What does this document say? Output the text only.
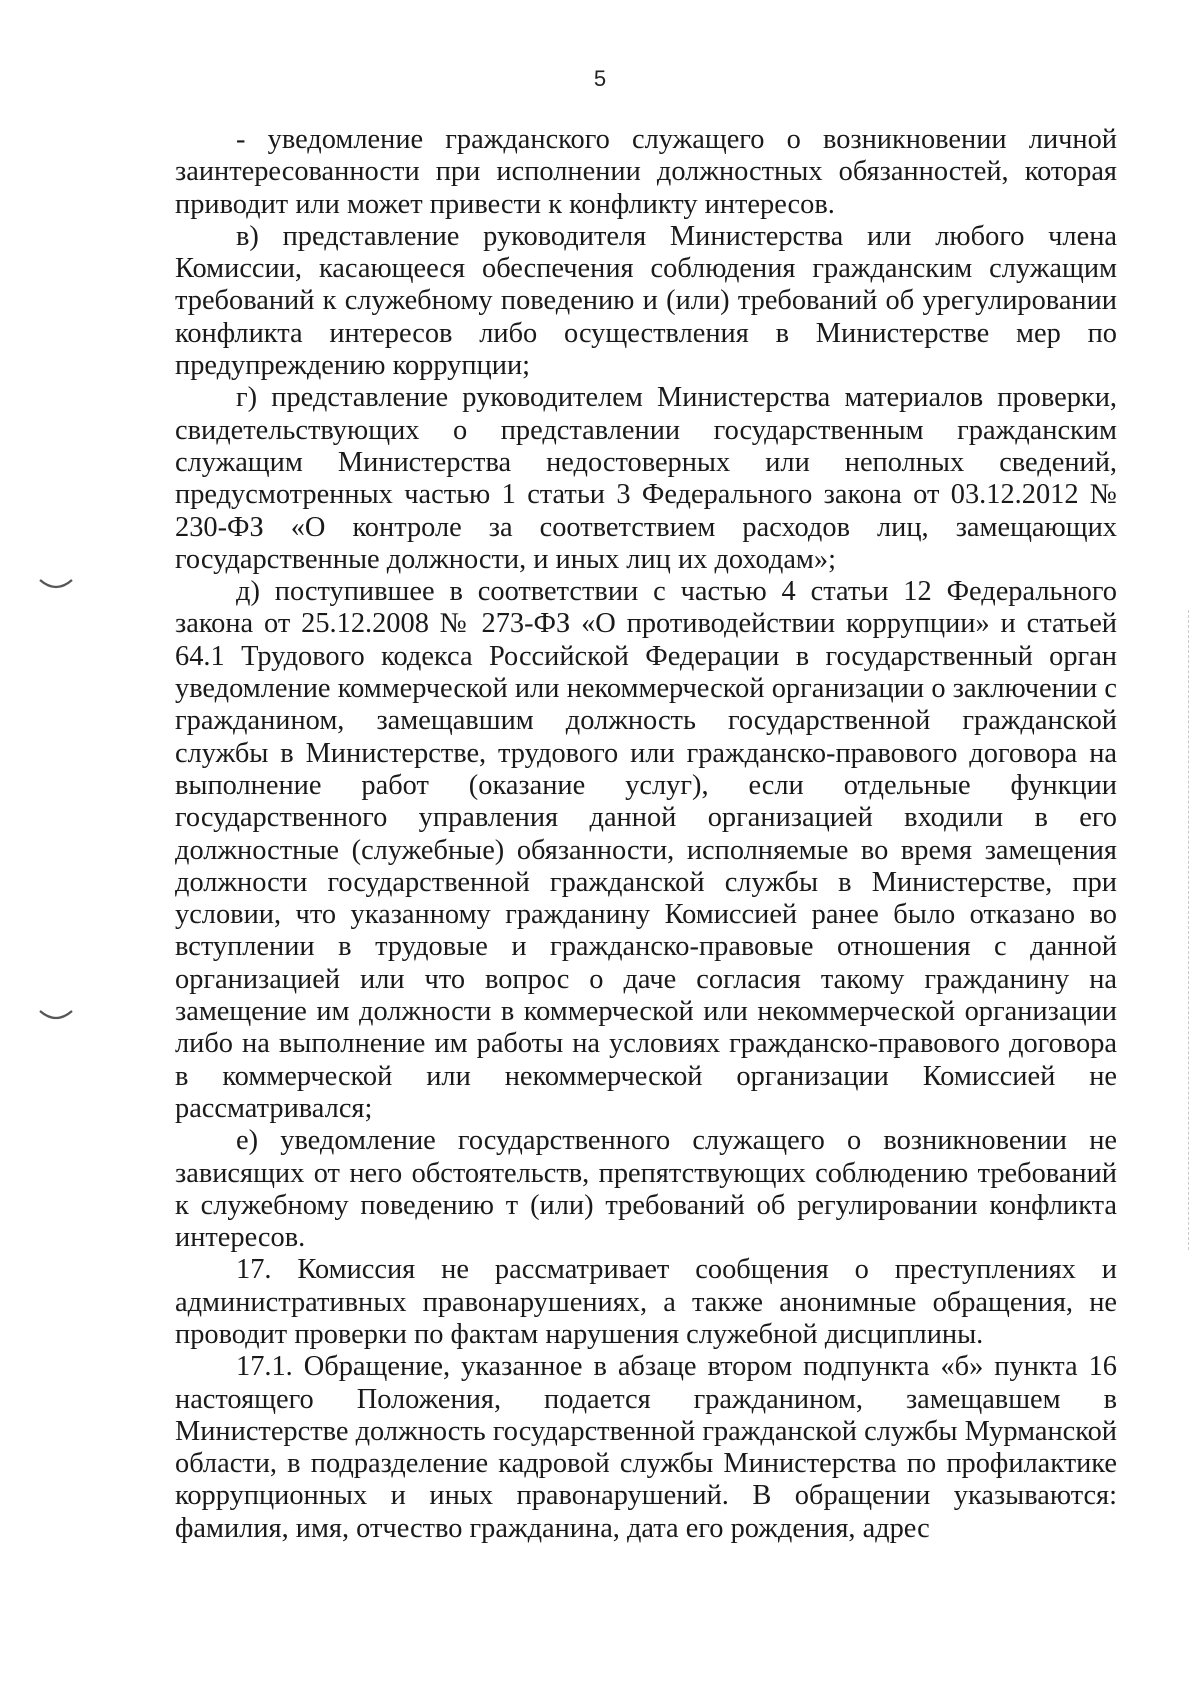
5

- уведомление гражданского служащего о возникновении личной заинтересованности при исполнении должностных обязанностей, которая приводит или может привести к конфликту интересов.

в) представление руководителя Министерства или любого члена Комиссии, касающееся обеспечения соблюдения гражданским служащим требований к служебному поведению и (или) требований об урегулировании конфликта интересов либо осуществления в Министерстве мер по предупреждению коррупции;

г) представление руководителем Министерства материалов проверки, свидетельствующих о представлении государственным гражданским служащим Министерства недостоверных или неполных сведений, предусмотренных частью 1 статьи 3 Федерального закона от 03.12.2012 № 230-ФЗ «О контроле за соответствием расходов лиц, замещающих государственные должности, и иных лиц их доходам»;

д) поступившее в соответствии с частью 4 статьи 12 Федерального закона от 25.12.2008 № 273-ФЗ «О противодействии коррупции» и статьей 64.1 Трудового кодекса Российской Федерации в государственный орган уведомление коммерческой или некоммерческой организации о заключении с гражданином, замещавшим должность государственной гражданской службы в Министерстве, трудового или гражданско-правового договора на выполнение работ (оказание услуг), если отдельные функции государственного управления данной организацией входили в его должностные (служебные) обязанности, исполняемые во время замещения должности государственной гражданской службы в Министерстве, при условии, что указанному гражданину Комиссией ранее было отказано во вступлении в трудовые и гражданско-правовые отношения с данной организацией или что вопрос о даче согласия такому гражданину на замещение им должности в коммерческой или некоммерческой организации либо на выполнение им работы на условиях гражданско-правового договора в коммерческой или некоммерческой организации Комиссией не рассматривался;

е) уведомление государственного служащего о возникновении не зависящих от него обстоятельств, препятствующих соблюдению требований к служебному поведению т (или) требований об регулировании конфликта интересов.

17. Комиссия не рассматривает сообщения о преступлениях и административных правонарушениях, а также анонимные обращения, не проводит проверки по фактам нарушения служебной дисциплины.

17.1. Обращение, указанное в абзаце втором подпункта «б» пункта 16 настоящего Положения, подается гражданином, замещавшем в Министерстве должность государственной гражданской службы Мурманской области, в подразделение кадровой службы Министерства по профилактике коррупционных и иных правонарушений. В обращении указываются: фамилия, имя, отчество гражданина, дата его рождения, адрес
